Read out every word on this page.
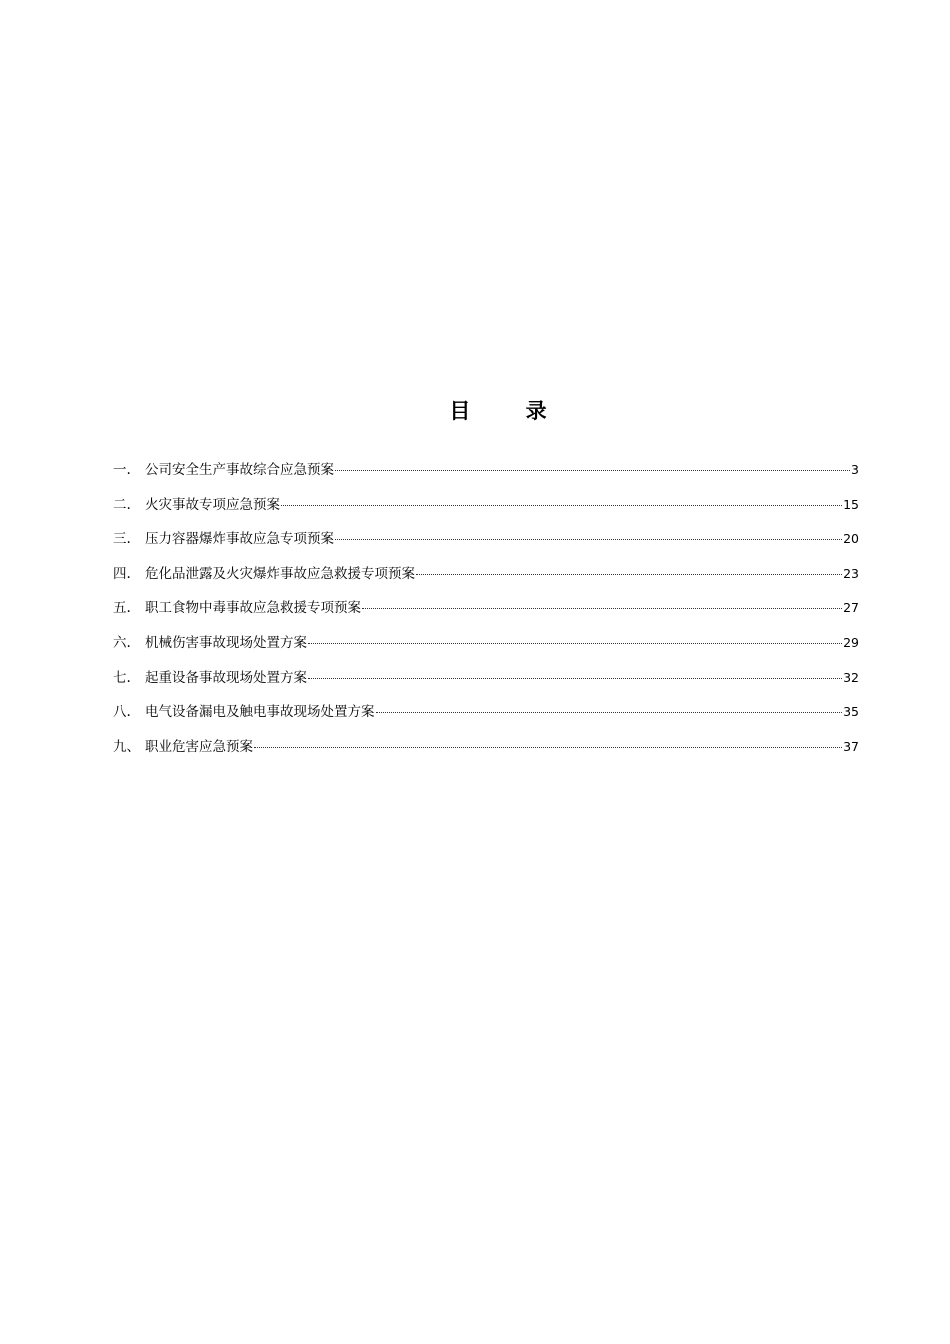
目 录
一.	公司安全生产事故综合应急预案	3
二.	火灾事故专项应急预案	15
三.	压力容器爆炸事故应急专项预案	20
四.	危化品泄露及火灾爆炸事故应急救援专项预案	23
五.	职工食物中毒事故应急救援专项预案	27
六.	机械伤害事故现场处置方案	29
七.	起重设备事故现场处置方案	32
八.	电气设备漏电及触电事故现场处置方案	35
九、 职业危害应急预案	37
